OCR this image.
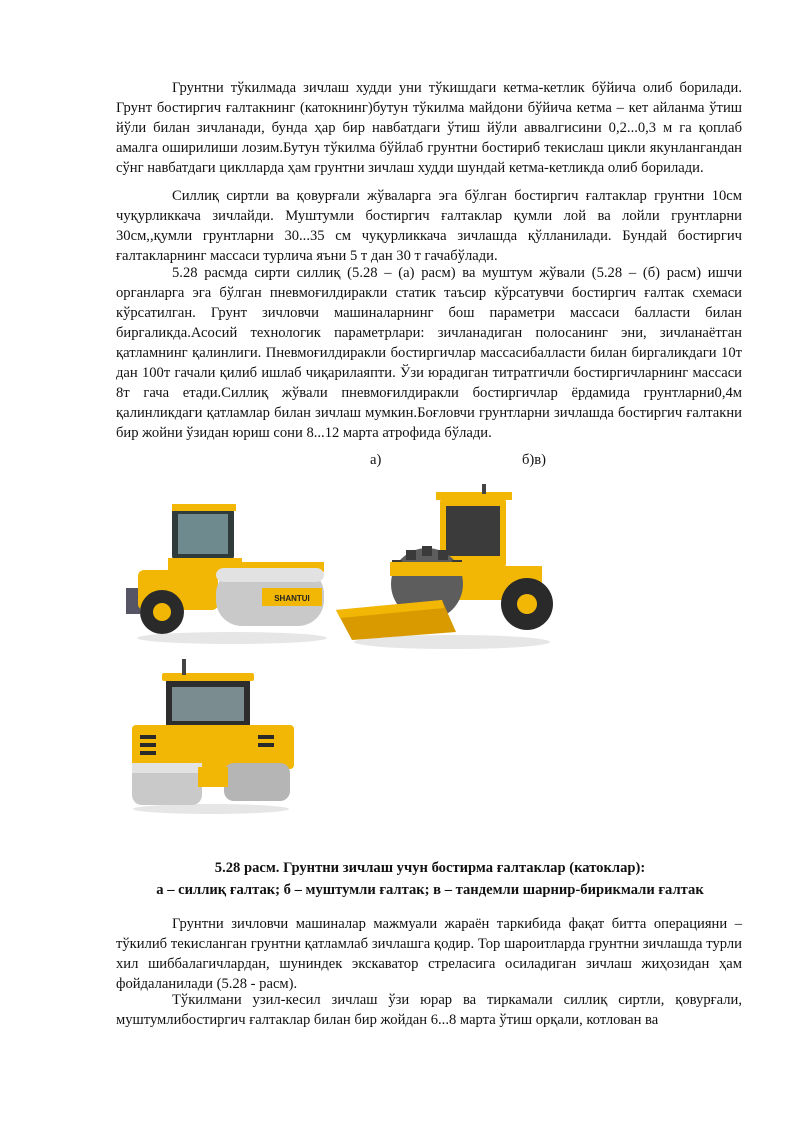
Грунтни тўкилмада зичлаш худди уни тўкишдаги кетма-кетлик бўйича олиб борилади. Грунт бостиргич ғалтакнинг (катокнинг)бутун тўкилма майдони бўйича кетма – кет айланма ўтиш йўли билан зичланади, бунда ҳар бир навбатдаги ўтиш йўли аввалгисини 0,2...0,3 м га қоплаб амалга оширилиши лозим.Бутун тўкилма бўйлаб грунтни бостириб текислаш цикли якунлангандан сўнг навбатдаги циклларда ҳам грунтни зичлаш худди шундай кетма-кетликда олиб борилади.

Силлиқ сиртли ва қовурғали жўваларга эга бўлган бостиргич ғалтаклар грунтни 10см чуқурликкача зичлайди. Муштумли бостиргич ғалтаклар қумли лой ва лойли грунтларни 30см,,қумли грунтларни 30...35 см чуқурликкача зичлашда қўлланилади. Бундай бостиргич ғалтакларнинг массаси турлича яъни 5 т дан 30 т гачабўлади.

5.28 расмда сирти силлиқ (5.28 – (а) расм) ва муштум жўвали (5.28 – (б) расм) ишчи органларга эга бўлган пневмоғилдиракли статик таъсир кўрсатувчи бостиргич ғалтак схемаси кўрсатилган. Грунт зичловчи машиналарнинг бош параметри массаси балласти билан биргаликда.Асосий технологик параметрлари: зичланадиган полосанинг эни, зичланаётган қатламнинг қалинлиги. Пневмоғилдиракли бостиргичлар массасибалласти билан биргаликдаги 10т дан 100т гачали қилиб ишлаб чиқарилаяпти. Ўзи юрадиган титратгичли бостиргичларнинг массаси 8т гача етади.Силлиқ жўвали пневмоғилдиракли бостиргичлар ёрдамида грунтларни0,4м қалинликдаги қатламлар билан зичлаш мумкин.Боғловчи грунтларни зичлашда бостиргич ғалтакни бир жойни ўзидан юриш сони 8...12 марта атрофида бўлади.

а)	б)в)
SHANTUI
5.28 расм. Грунтни зичлаш учун бостирма ғалтаклар (катоклар):
а – силлиқ ғалтак; б – муштумли ғалтак; в – тандемли шарнир-бирикмали ғалтак

Грунтни зичловчи машиналар мажмуали жараён таркибида фақат битта операцияни – тўкилиб текисланган грунтни қатламлаб зичлашга қодир. Тор шароитларда грунтни зичлашда турли хил шиббалагичлардан, шуниндек экскаватор стреласига осиладиган зичлаш жиҳозидан ҳам фойдаланилади (5.28 - расм).

Тўкилмани узил-кесил зичлаш ўзи юрар ва тиркамали силлиқ сиртли, қовурғали, муштумлибостиргич ғалтаклар билан бир жойдан 6...8 марта ўтиш орқали, котлован ва
